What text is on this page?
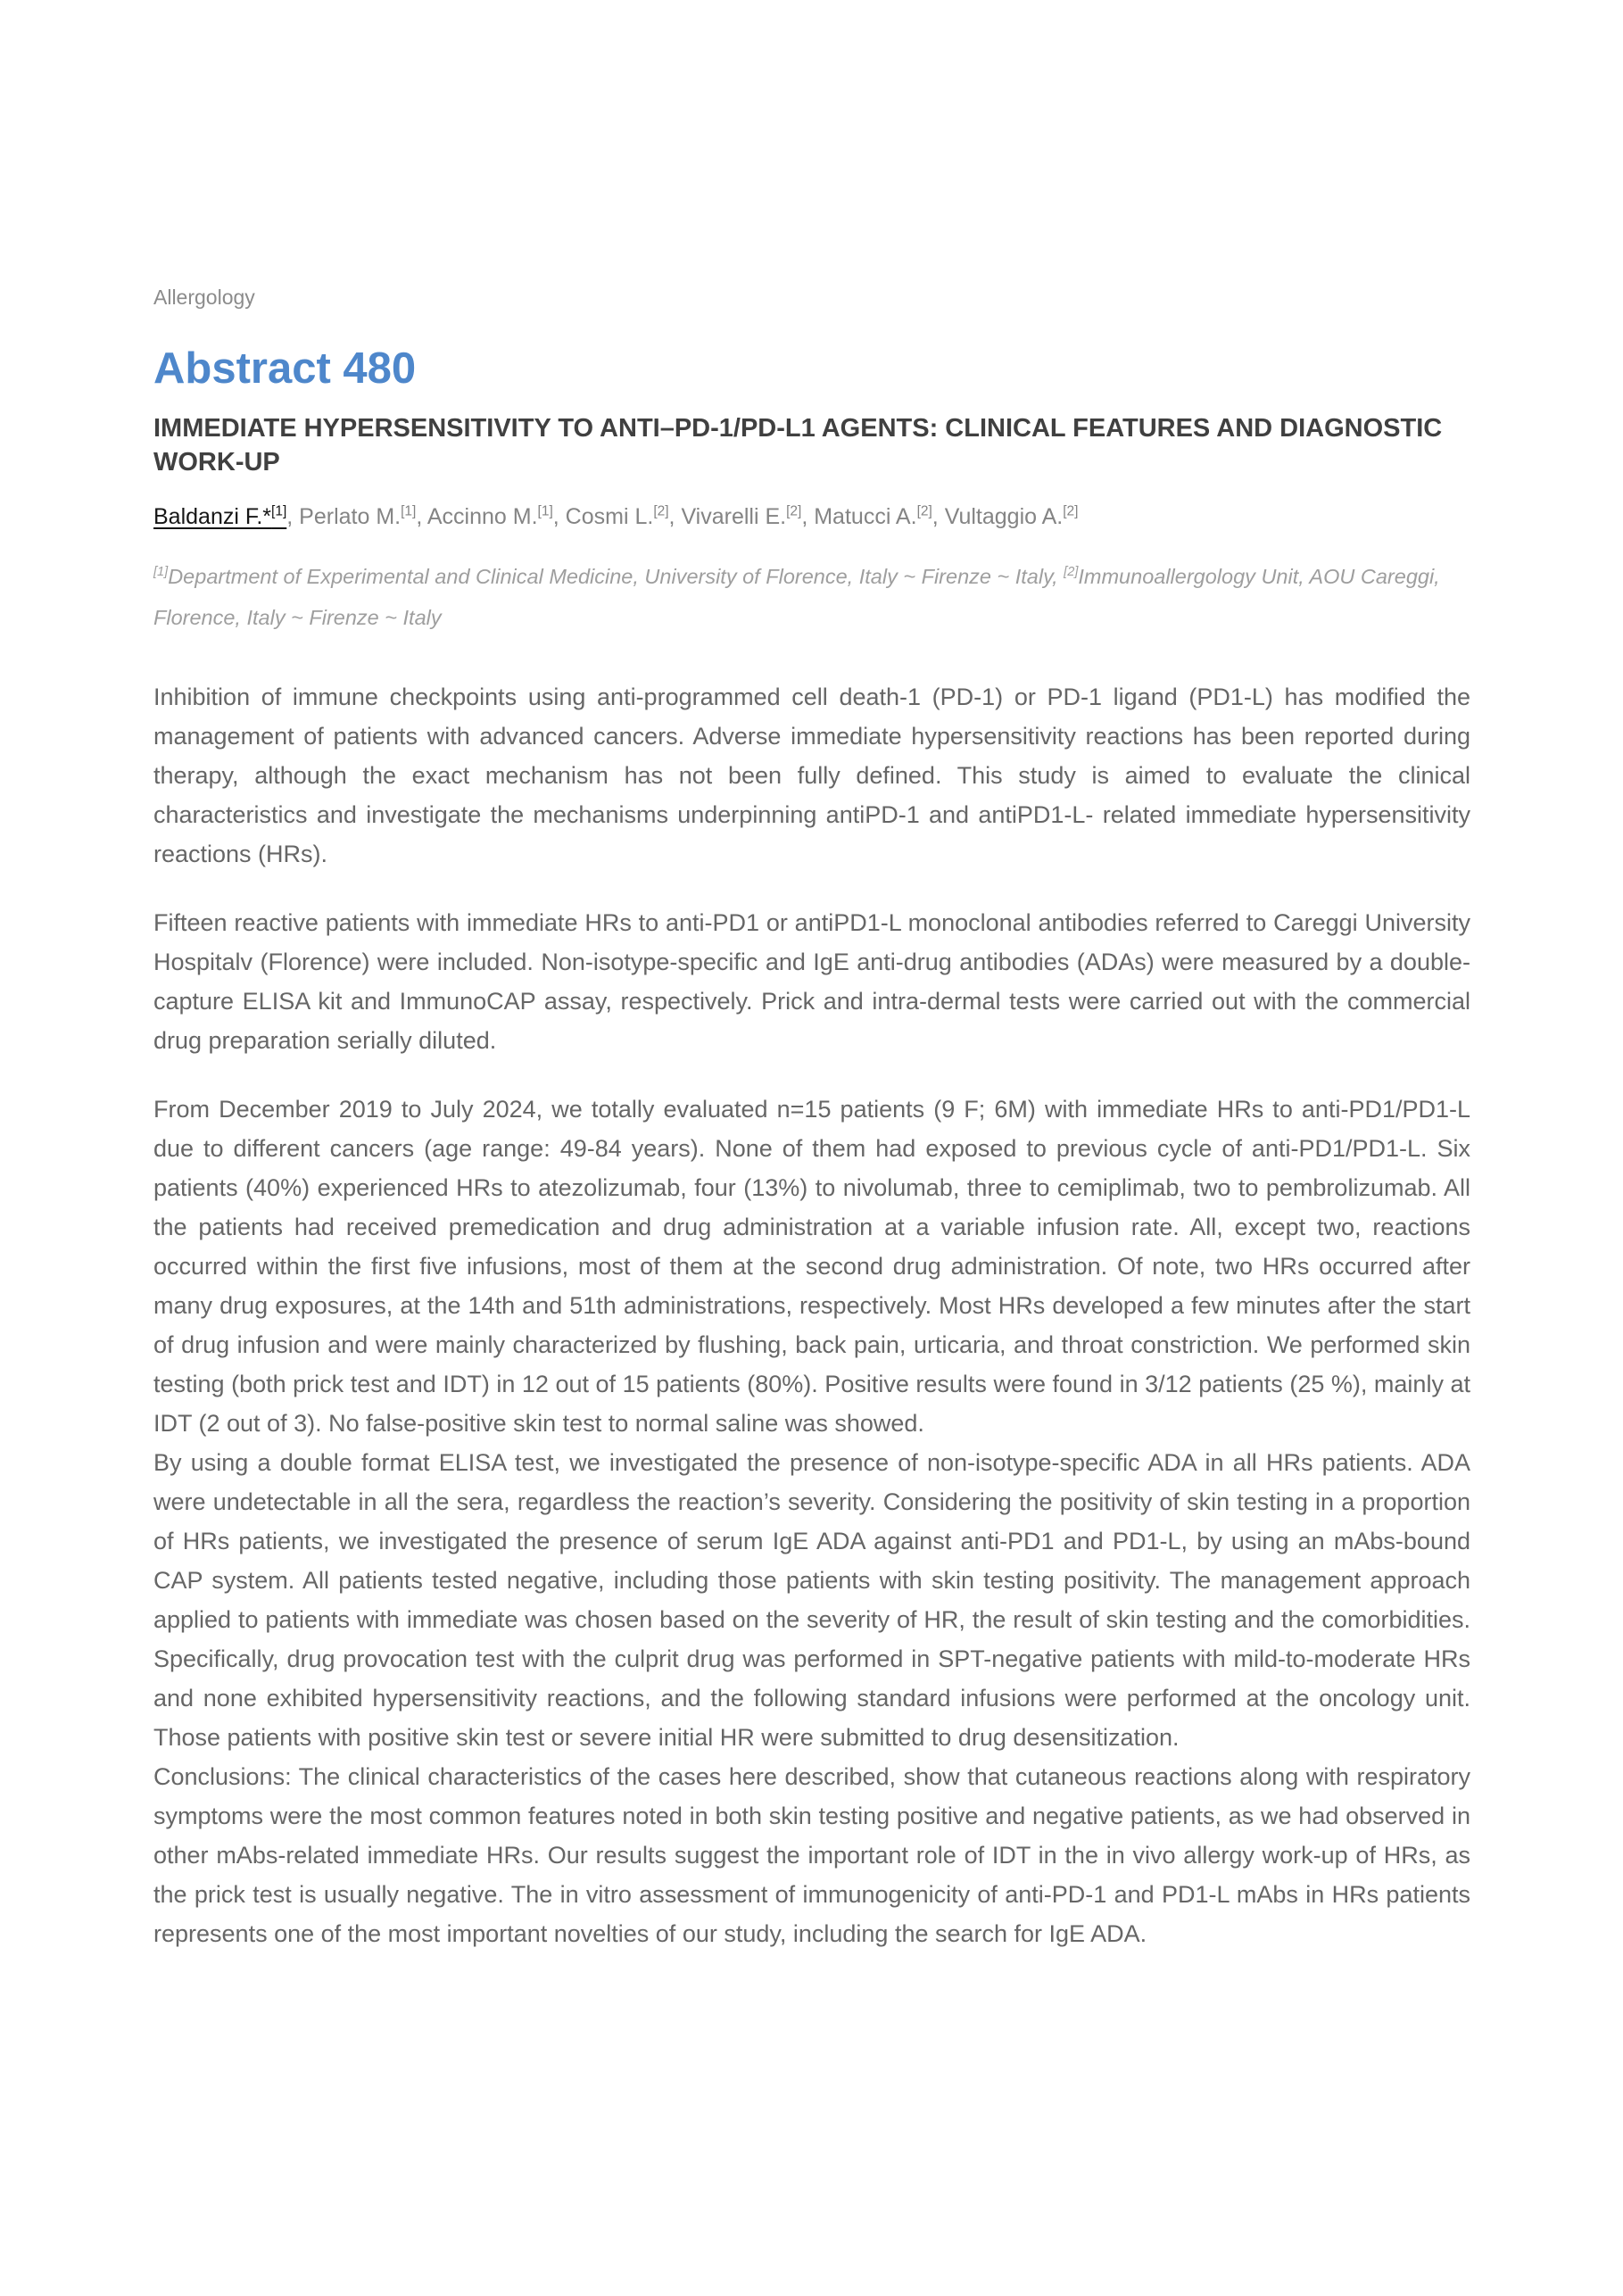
Allergology
Abstract 480
IMMEDIATE HYPERSENSITIVITY TO ANTI–PD-1/PD-L1 AGENTS: CLINICAL FEATURES AND DIAGNOSTIC WORK-UP
Baldanzi F.*[1], Perlato M.[1], Accinno M.[1], Cosmi L.[2], Vivarelli E.[2], Matucci A.[2], Vultaggio A.[2]
[1]Department of Experimental and Clinical Medicine, University of Florence, Italy ~ Firenze ~ Italy, [2]Immunoallergology Unit, AOU Careggi, Florence, Italy ~ Firenze ~ Italy

Inhibition of immune checkpoints using anti-programmed cell death-1 (PD-1) or PD-1 ligand (PD1-L) has modified the management of patients with advanced cancers. Adverse immediate hypersensitivity reactions has been reported during therapy, although the exact mechanism has not been fully defined. This study is aimed to evaluate the clinical characteristics and investigate the mechanisms underpinning antiPD-1 and antiPD1-L- related immediate hypersensitivity reactions (HRs).

Fifteen reactive patients with immediate HRs to anti-PD1 or antiPD1-L monoclonal antibodies referred to Careggi University Hospitalv (Florence) were included. Non-isotype-specific and IgE anti-drug antibodies (ADAs) were measured by a double-capture ELISA kit and ImmunoCAP assay, respectively. Prick and intra-dermal tests were carried out with the commercial drug preparation serially diluted.

From December 2019 to July 2024, we totally evaluated n=15 patients (9 F; 6M) with immediate HRs to anti-PD1/PD1-L due to different cancers (age range: 49-84 years). None of them had exposed to previous cycle of anti-PD1/PD1-L. Six patients (40%) experienced HRs to atezolizumab, four (13%) to nivolumab, three to cemiplimab, two to pembrolizumab. All the patients had received premedication and drug administration at a variable infusion rate. All, except two, reactions occurred within the first five infusions, most of them at the second drug administration. Of note, two HRs occurred after many drug exposures, at the 14th and 51th administrations, respectively. Most HRs developed a few minutes after the start of drug infusion and were mainly characterized by flushing, back pain, urticaria, and throat constriction. We performed skin testing (both prick test and IDT) in 12 out of 15 patients (80%). Positive results were found in 3/12 patients (25 %), mainly at IDT (2 out of 3). No false-positive skin test to normal saline was showed.

By using a double format ELISA test, we investigated the presence of non-isotype-specific ADA in all HRs patients. ADA were undetectable in all the sera, regardless the reaction’s severity. Considering the positivity of skin testing in a proportion of HRs patients, we investigated the presence of serum IgE ADA against anti-PD1 and PD1-L, by using an mAbs-bound CAP system. All patients tested negative, including those patients with skin testing positivity. The management approach applied to patients with immediate was chosen based on the severity of HR, the result of skin testing and the comorbidities. Specifically, drug provocation test with the culprit drug was performed in SPT-negative patients with mild-to-moderate HRs and none exhibited hypersensitivity reactions, and the following standard infusions were performed at the oncology unit. Those patients with positive skin test or severe initial HR were submitted to drug desensitization.

Conclusions: The clinical characteristics of the cases here described, show that cutaneous reactions along with respiratory symptoms were the most common features noted in both skin testing positive and negative patients, as we had observed in other mAbs-related immediate HRs. Our results suggest the important role of IDT in the in vivo allergy work-up of HRs, as the prick test is usually negative. The in vitro assessment of immunogenicity of anti-PD-1 and PD1-L mAbs in HRs patients represents one of the most important novelties of our study, including the search for IgE ADA.
